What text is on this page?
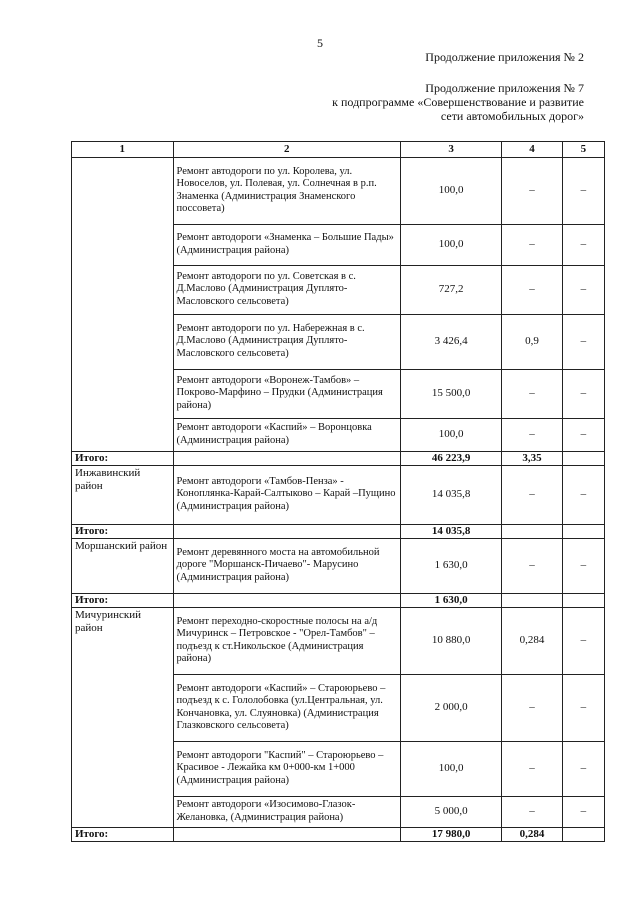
5
Продолжение приложения № 2
Продолжение приложения № 7
к подпрограмме «Совершенствование и развитие
сети автомобильных дорог»
1	2	3	4	5
	Ремонт автодороги по ул. Королева, ул. Новоселов, ул. Полевая, ул. Солнечная в р.п. Знаменка (Администрация Знаменского поссовета)	100,0	–	–
	Ремонт автодороги «Знаменка – Большие Пады» (Администрация района)	100,0	–	–
	Ремонт автодороги по ул. Советская в с. Д.Маслово (Администрация Дуплято-Масловского сельсовета)	727,2	–	–
	Ремонт автодороги по ул. Набережная в с. Д.Маслово (Администрация Дуплято-Масловского сельсовета)	3 426,4	0,9	–
	Ремонт автодороги «Воронеж-Тамбов» – Покрово-Марфино – Прудки (Администрация района)	15 500,0	–	–
	Ремонт автодороги «Каспий» – Воронцовка (Администрация района)	100,0	–	–
Итого:		46 223,9	3,35	
Инжавинский район	Ремонт автодороги «Тамбов-Пенза» - Коноплянка-Карай-Салтыково – Карай –Пущино (Администрация района)	14 035,8	–	–
Итого:		14 035,8		
Моршанский район	Ремонт деревянного моста на автомобильной дороге "Моршанск-Пичаево"- Марусино (Администрация района)	1 630,0	–	–
Итого:		1 630,0		
Мичуринский район	Ремонт переходно-скоростные полосы на а/д Мичуринск – Петровское - "Орел-Тамбов" – подъезд к ст.Никольское (Администрация района)	10 880,0	0,284	–
	Ремонт автодороги «Каспий» – Староюрьево – подъезд к с. Гололобовка (ул.Центральная, ул. Кончановка, ул. Слуяновка) (Администрация Глазковского сельсовета)	2 000,0	–	–
	Ремонт автодороги "Каспий" – Староюрьево – Красивое - Лежайка км 0+000-км 1+000 (Администрация района)	100,0	–	–
	Ремонт автодороги «Изосимово-Глазок-Желановка, (Администрация района)	5 000,0	–	–
Итого:		17 980,0	0,284	
